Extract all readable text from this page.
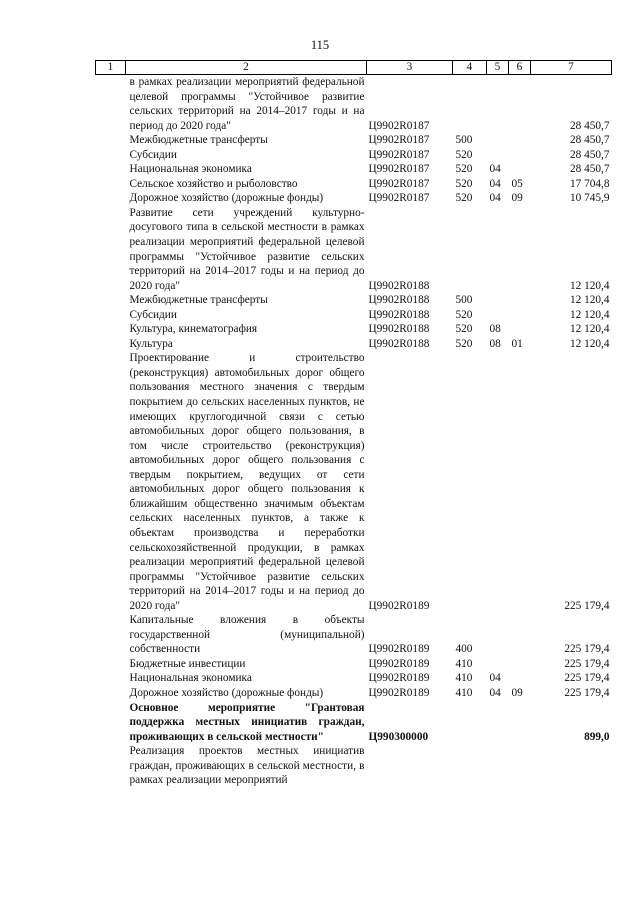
115
1	2	3	4	5	6	7
	в рамках реализации мероприятий федеральной целевой программы "Устойчивое развитие сельских территорий на 2014–2017 годы и на период до 2020 года"	Ц9902R0187				28 450,7
	Межбюджетные трансферты	Ц9902R0187	500			28 450,7
	Субсидии	Ц9902R0187	520			28 450,7
	Национальная экономика	Ц9902R0187	520	04		28 450,7
	Сельское хозяйство и рыболовство	Ц9902R0187	520	04	05	17 704,8
	Дорожное хозяйство (дорожные фонды)	Ц9902R0187	520	04	09	10 745,9
	Развитие сети учреждений культурно-досугового типа в сельской местности в рамках реализации мероприятий федеральной целевой программы "Устойчивое развитие сельских территорий на 2014–2017 годы и на период до 2020 года"	Ц9902R0188				12 120,4
	Межбюджетные трансферты	Ц9902R0188	500			12 120,4
	Субсидии	Ц9902R0188	520			12 120,4
	Культура, кинематография	Ц9902R0188	520	08		12 120,4
	Культура	Ц9902R0188	520	08	01	12 120,4
	Проектирование и строительство (реконструкция) автомобильных дорог общего пользования местного значения с твердым покрытием до сельских населенных пунктов, не имеющих круглогодичной связи с сетью автомобильных дорог общего пользования, в том числе строительство (реконструкция) автомобильных дорог общего пользования с твердым покрытием, ведущих от сети автомобильных дорог общего пользования к ближайшим общественно значимым объектам сельских населенных пунктов, а также к объектам производства и переработки сельскохозяйственной продукции, в рамках реализации мероприятий федеральной целевой программы "Устойчивое развитие сельских территорий на 2014–2017 годы и на период до 2020 года"	Ц9902R0189				225 179,4
	Капитальные вложения в объекты государственной (муниципальной) собственности	Ц9902R0189	400			225 179,4
	Бюджетные инвестиции	Ц9902R0189	410			225 179,4
	Национальная экономика	Ц9902R0189	410	04		225 179,4
	Дорожное хозяйство (дорожные фонды)	Ц9902R0189	410	04	09	225 179,4
	Основное мероприятие "Грантовая поддержка местных инициатив граждан, проживающих в сельской местности"	Ц990300000				899,0
	Реализация проектов местных инициатив граждан, проживающих в сельской местности, в рамках реализации мероприятий					
